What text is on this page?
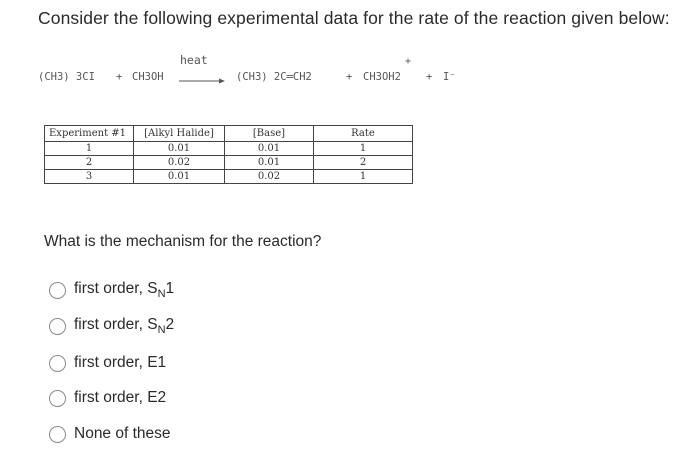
Consider the following experimental data for the rate of the reaction given below:
(CH3) 3CI + CH3OH
heat
(CH3) 2C═CH2	+ CH3OH2
+
+ I⁻
Experiment #1	[Alkyl Halide]	[Base]	Rate
1	0.01	0.01	1
2	0.02	0.01	2
3	0.01	0.02	1
What is the mechanism for the reaction?
first order, $S_N1$
first order, $S_N2$
first order, E1
first order, E2
None of these
